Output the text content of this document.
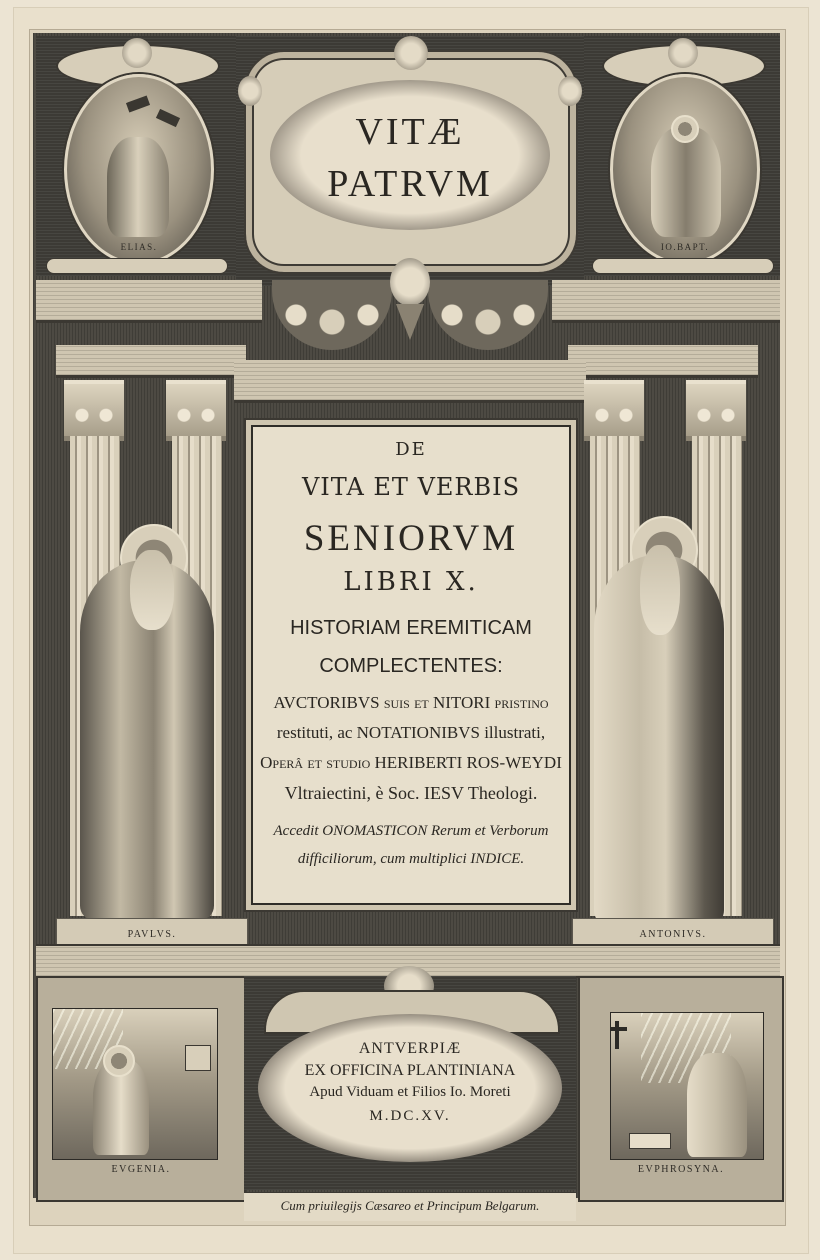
ELIAS.	IO.BAPT.
VITÆ
PATRVM
PAVLVS.	ANTONIVS.
DE
VITA ET VERBIS
SENIORVM
LIBRI X.
HISTORIAM EREMITICAM
COMPLECTENTES:
AVCTORIBVS suis et NITORI pristino
restituti, ac NOTATIONIBVS illustrati,
Operâ et studio HERIBERTI ROS-WEYDI
Vltraiectini, è Soc. IESV Theologi.
Accedit ONOMASTICON Rerum et Verborum
difficiliorum, cum multiplici INDICE.
EVGENIA.	EVPHROSYNA.
ANTVERPIÆ
EX OFFICINA PLANTINIANA
Apud Viduam et Filios Io. Moreti
M.DC.XV.
Cum priuilegijs Cæsareo et Principum Belgarum.
